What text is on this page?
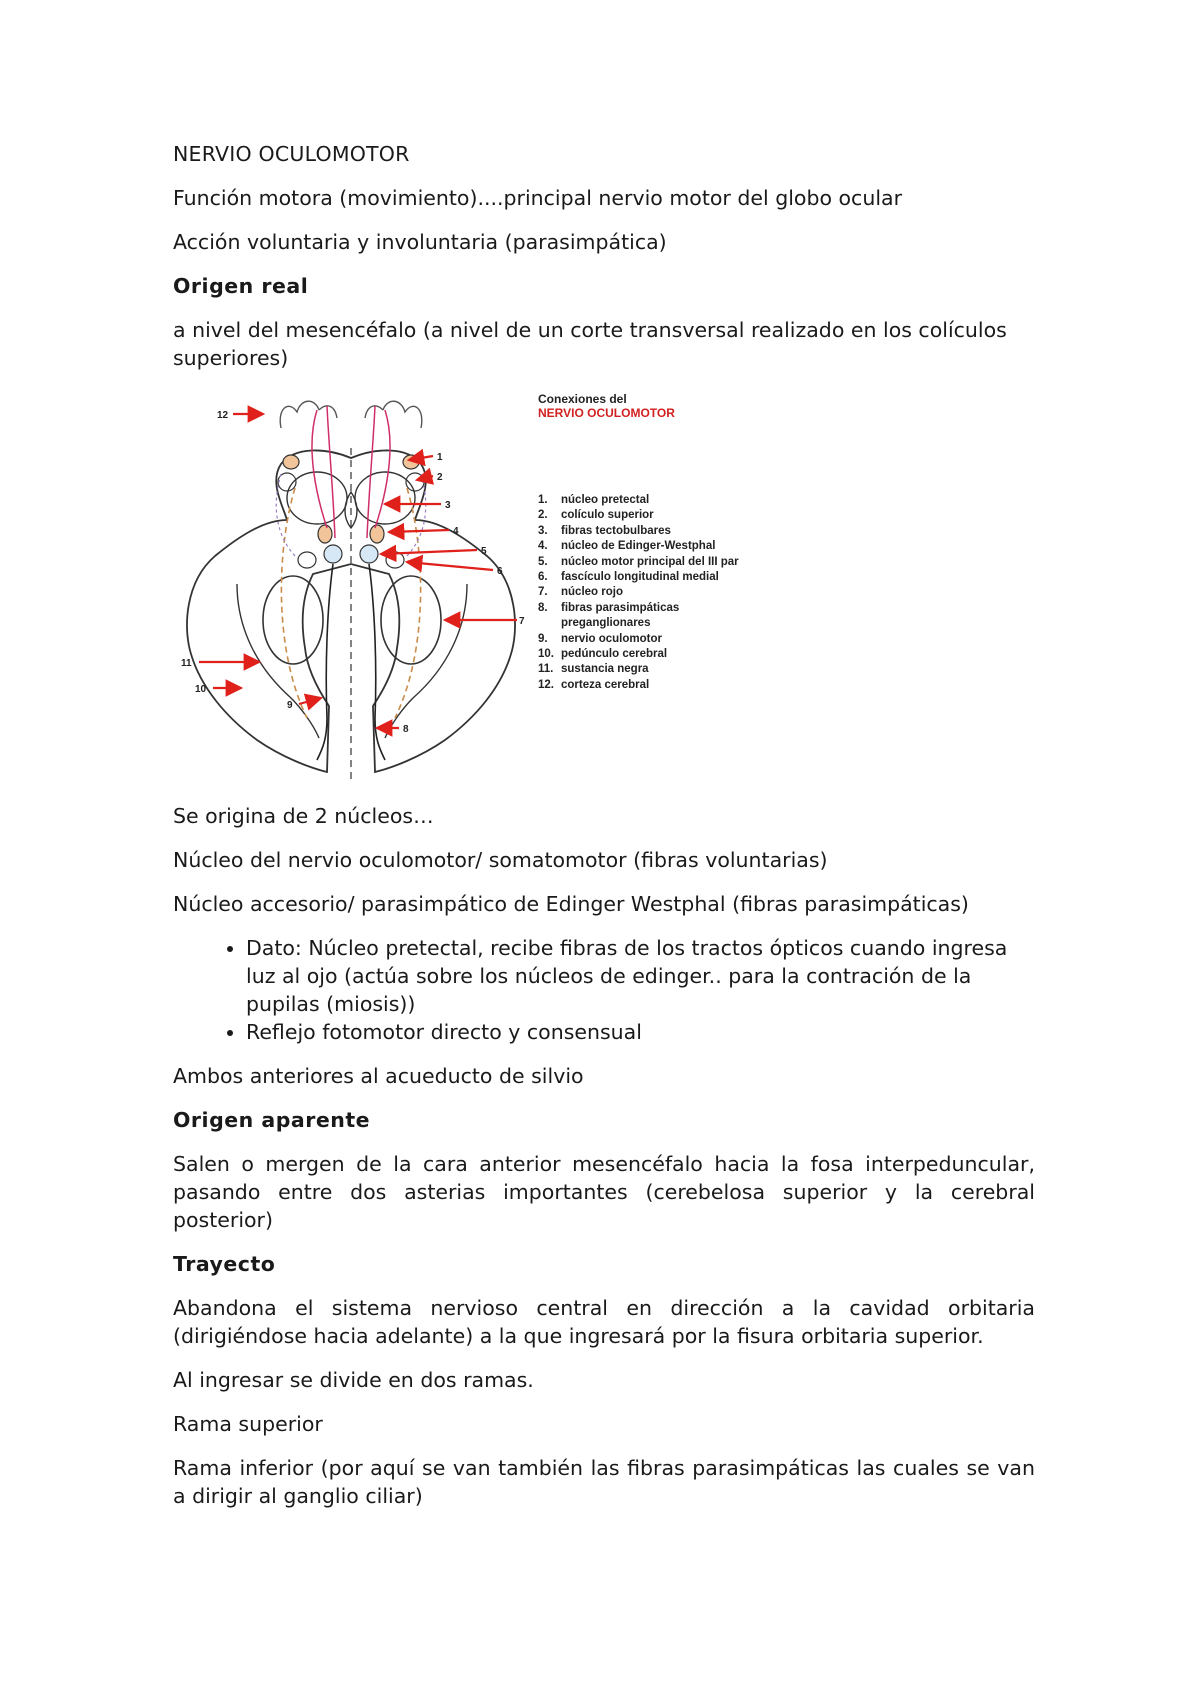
NERVIO OCULOMOTOR

Función motora (movimiento)....principal nervio motor del globo ocular

Acción voluntaria y involuntaria (parasimpática)

Origen real

a nivel del mesencéfalo (a nivel de un corte transversal realizado en los colículos superiores)

12
1
2
3
4
5
6
7
11
10
9
8
Conexiones del
NERVIO OCULOMOTOR
1.	núcleo pretectal
2.	colículo superior
3.	fibras tectobulbares
4.	núcleo de Edinger-Westphal
5.	núcleo motor principal del III par
6.	fascículo longitudinal medial
7.	núcleo rojo
8.	fibras parasimpáticas
preganglionares
9.	nervio oculomotor
10. pedúnculo cerebral
11. sustancia negra
12. corteza cerebral

Se origina de 2 núcleos…

Núcleo del nervio oculomotor/ somatomotor (fibras voluntarias)

Núcleo accesorio/ parasimpático de Edinger Westphal (fibras parasimpáticas)

• Dato: Núcleo pretectal, recibe fibras de los tractos ópticos cuando ingresa luz al ojo (actúa sobre los núcleos de edinger.. para la contración de la pupilas (miosis))
• Reflejo fotomotor directo y consensual

Ambos anteriores al acueducto de silvio

Origen aparente

Salen o mergen de la cara anterior mesencéfalo hacia la fosa interpeduncular, pasando entre dos asterias importantes (cerebelosa superior y la cerebral posterior)

Trayecto

Abandona el sistema nervioso central en dirección a la cavidad orbitaria (dirigiéndose hacia adelante) a la que ingresará por la fisura orbitaria superior.

Al ingresar se divide en dos ramas.

Rama superior

Rama inferior (por aquí se van también las fibras parasimpáticas las cuales se van a dirigir al ganglio ciliar)
